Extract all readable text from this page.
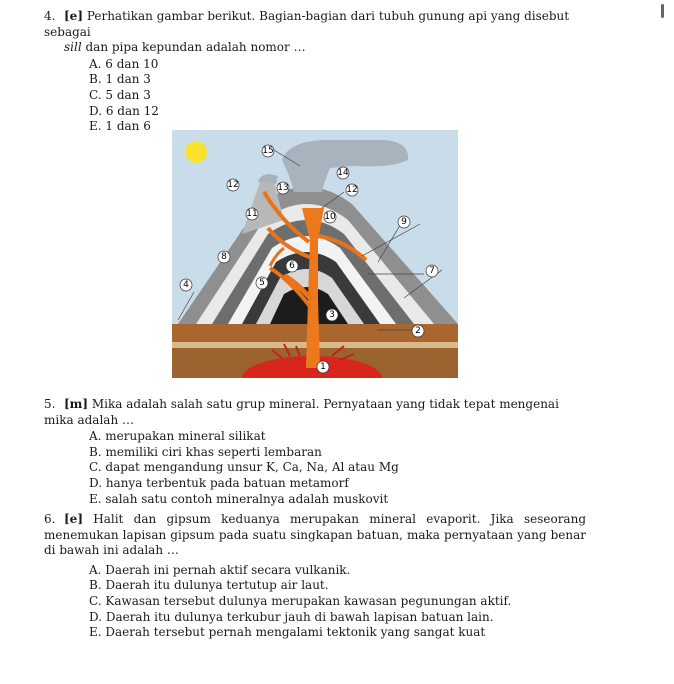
4. [e] Perhatikan gambar berikut. Bagian-bagian dari tubuh gunung api yang disebut sebagai
sill dan pipa kepundan adalah nomor …
A. 6 dan 10
B. 1 dan 3
C. 5 dan 3
D. 6 dan 12
E. 1 dan 6
1
2
3
4	5
6	7
8
9
10
11
12	12
13
14
15
5. [m] Mika adalah salah satu grup mineral. Pernyataan yang tidak tepat mengenai mika adalah …
A. merupakan mineral silikat
B. memiliki ciri khas seperti lembaran
C. dapat mengandung unsur K, Ca, Na, Al atau Mg
D. hanya terbentuk pada batuan metamorf
E. salah satu contoh mineralnya adalah muskovit
6. [e] Halit dan gipsum keduanya merupakan mineral evaporit. Jika seseorang menemukan lapisan gipsum pada suatu singkapan batuan, maka pernyataan yang benar di bawah ini adalah …
A. Daerah ini pernah aktif secara vulkanik.
B. Daerah itu dulunya tertutup air laut.
C. Kawasan tersebut dulunya merupakan kawasan pegunungan aktif.
D. Daerah itu dulunya terkubur jauh di bawah lapisan batuan lain.
E. Daerah tersebut pernah mengalami tektonik yang sangat kuat
